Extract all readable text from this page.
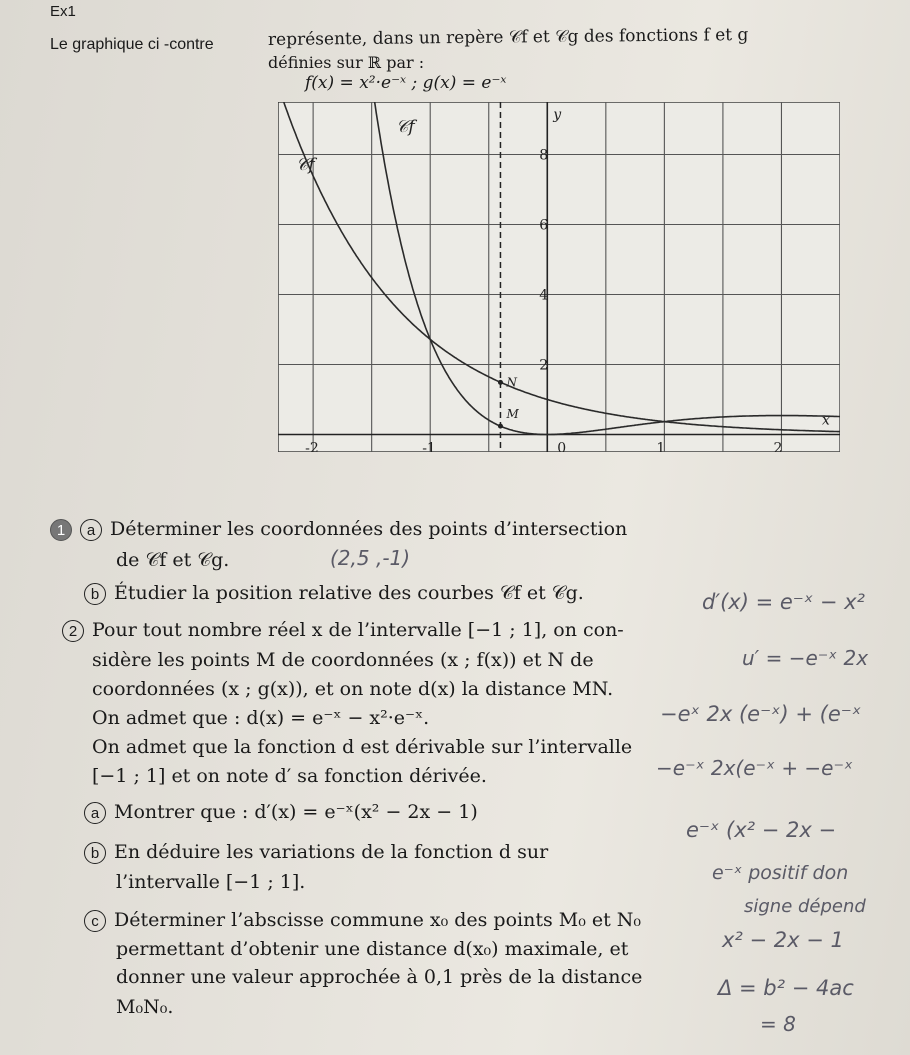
Ex1
Le graphique ci -contre	représente, dans un repère 𝒞f et 𝒞g des fonctions f et g
définies sur ℝ par :
f(x) = x²·e⁻ˣ ; g(x) = e⁻ˣ
𝒞f
𝒞f
N
M
y
x
8
6
4
2
-2	-1	0	1	2
1 a Déterminer les coordonnées des points d’intersection
de 𝒞f et 𝒞g.	(2,5 ,-1)
b Étudier la position relative des courbes 𝒞f et 𝒞g.
2 Pour tout nombre réel x de l’intervalle [−1 ; 1], on con-
sidère les points M de coordonnées (x ; f(x)) et N de
coordonnées (x ; g(x)), et on note d(x) la distance MN.
On admet que : d(x) = e⁻ˣ − x²·e⁻ˣ.
On admet que la fonction d est dérivable sur l’intervalle
[−1 ; 1] et on note d′ sa fonction dérivée.
a Montrer que : d′(x) = e⁻ˣ(x² − 2x − 1)
b En déduire les variations de la fonction d sur
l’intervalle [−1 ; 1].
c Déterminer l’abscisse commune x₀ des points M₀ et N₀
permettant d’obtenir une distance d(x₀) maximale, et
donner une valeur approchée à 0,1 près de la distance
M₀N₀.
d′(x) = e⁻ˣ − x²
u′ = −e⁻ˣ 2x
−eˣ 2x (e⁻ˣ) + (e⁻ˣ
−e⁻ˣ 2x(e⁻ˣ + −e⁻ˣ
e⁻ˣ (x² − 2x −
e⁻ˣ positif don
signe dépend
x² − 2x − 1
Δ = b² − 4ac
= 8
